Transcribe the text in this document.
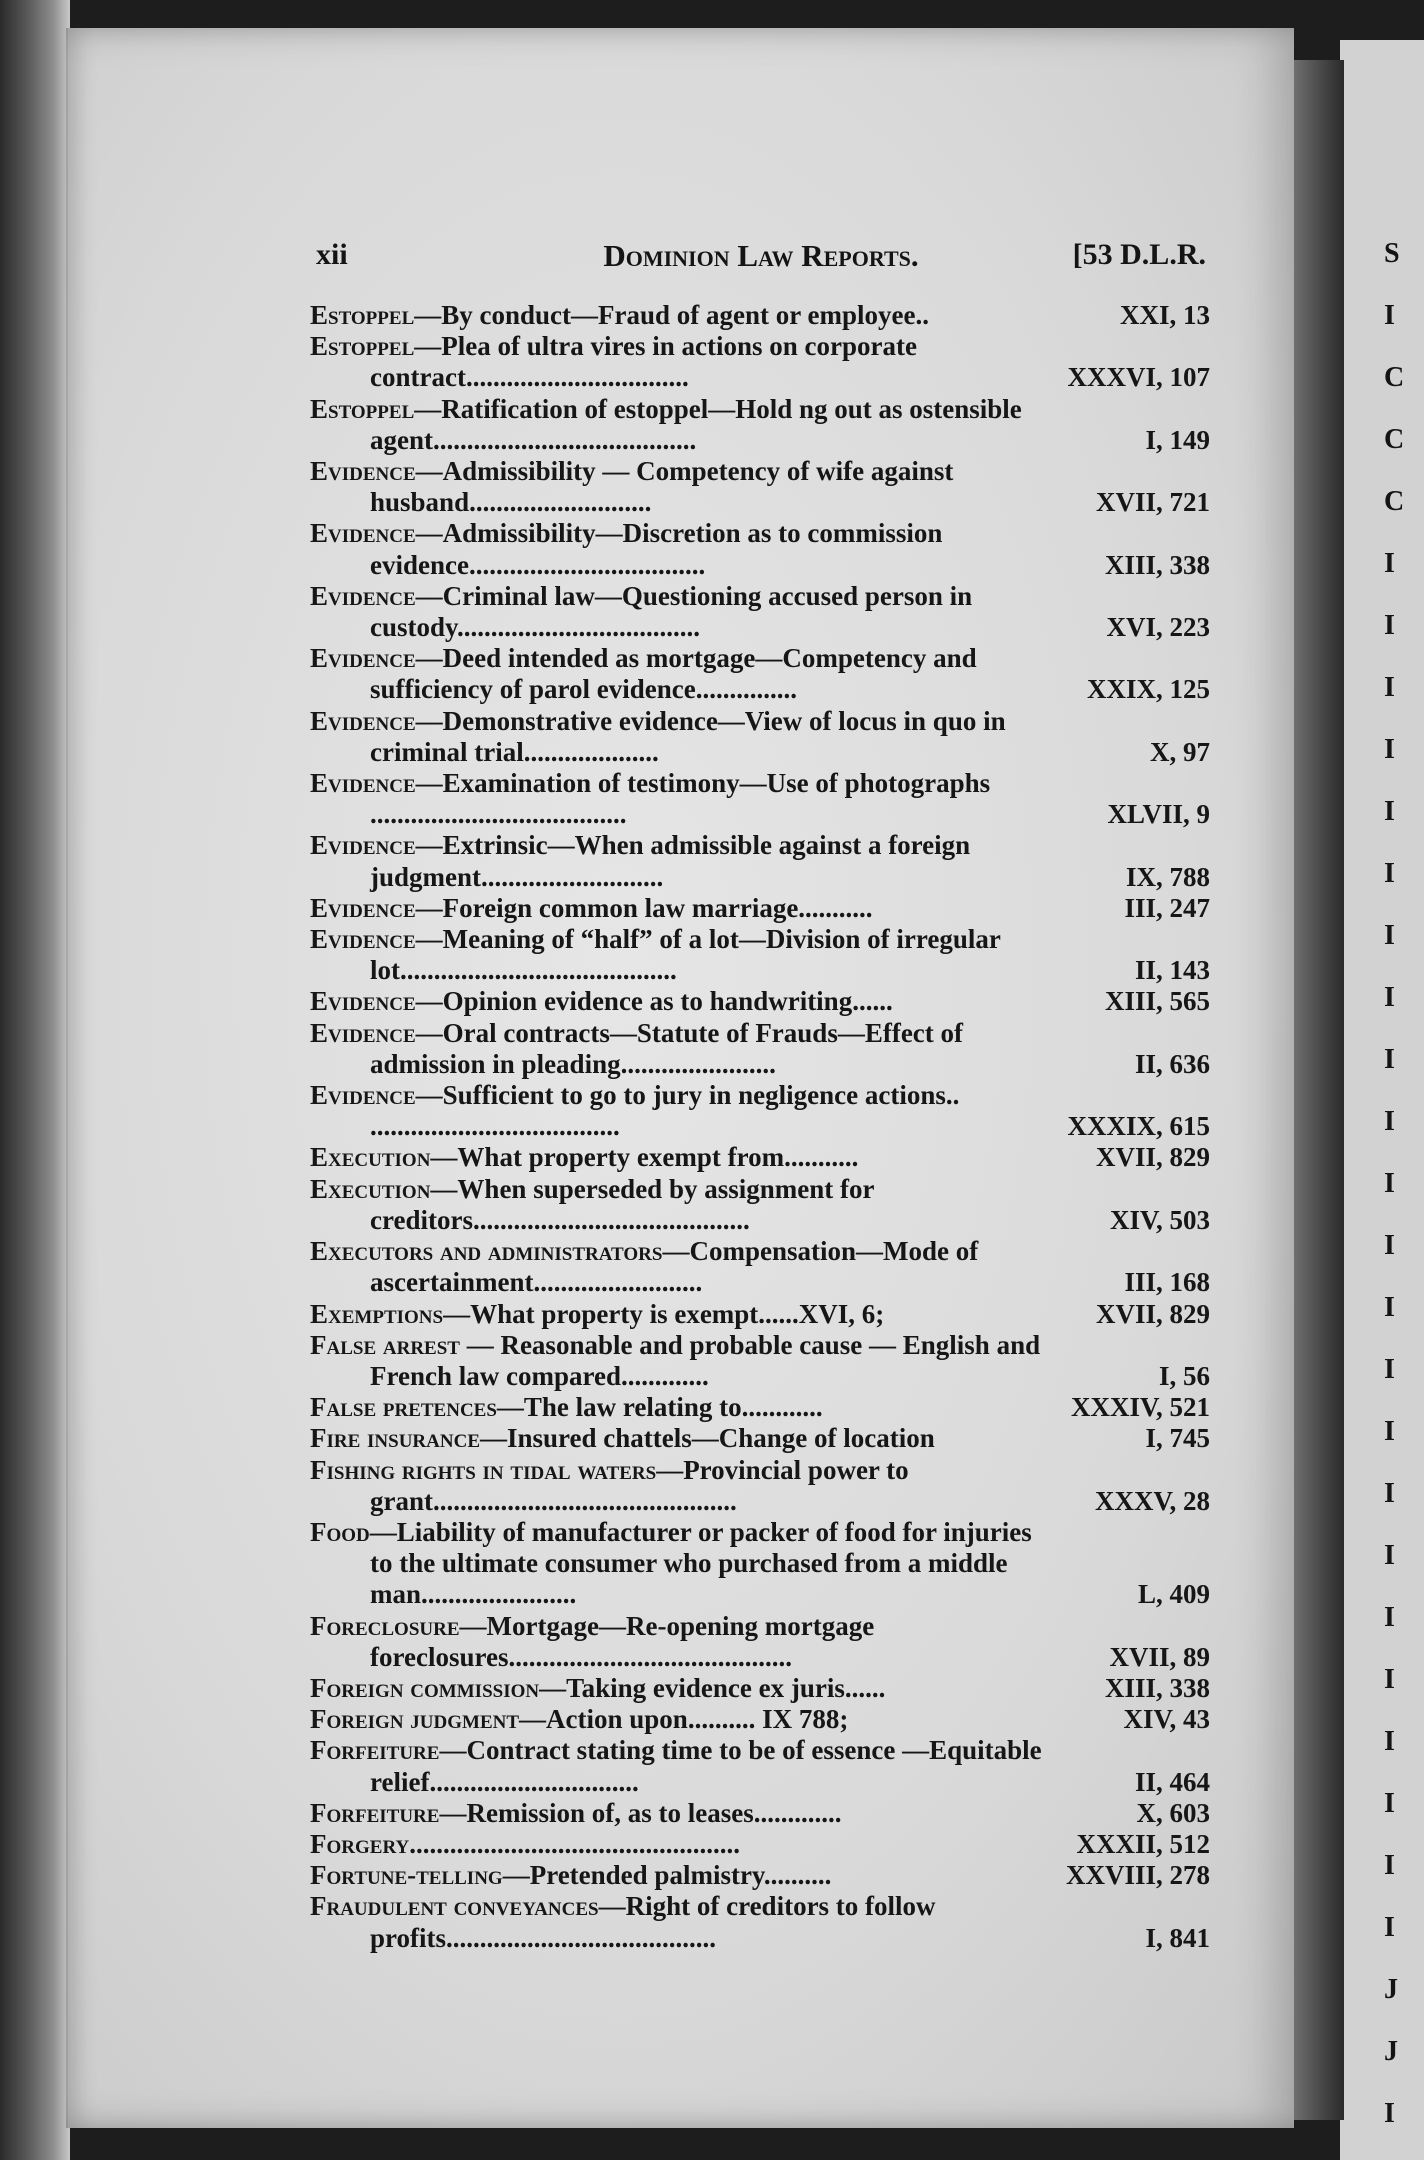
S
I
C
C
C
I
I
I
I
I
I
I
I
I
I
I
I
I
I
I
I
I
I
I
I
I
I
I
J
J
I
xii	Dominion Law Reports.	[53 D.L.R.
Estoppel—By conduct—Fraud of agent or employee..	XXI, 13
Estoppel—Plea of ultra vires in actions on corporate contract.................................	XXXVI, 107
Estoppel—Ratification of estoppel—Hold ng out as ostensible agent.......................................	I, 149
Evidence—Admissibility — Competency of wife against husband...........................	XVII, 721
Evidence—Admissibility—Discretion as to commission evidence...................................	XIII, 338
Evidence—Criminal law—Questioning accused person in custody....................................	XVI, 223
Evidence—Deed intended as mortgage—Competency and sufficiency of parol evidence...............	XXIX, 125
Evidence—Demonstrative evidence—View of locus in quo in criminal trial....................	X, 97
Evidence—Examination of testimony—Use of photographs ......................................	XLVII, 9
Evidence—Extrinsic—When admissible against a foreign judgment...........................	IX, 788
Evidence—Foreign common law marriage...........	III, 247
Evidence—Meaning of “half” of a lot—Division of irregular lot.........................................	II, 143
Evidence—Opinion evidence as to handwriting......	XIII, 565
Evidence—Oral contracts—Statute of Frauds—Effect of admission in pleading.......................	II, 636
Evidence—Sufficient to go to jury in negligence actions.. .....................................	XXXIX, 615
Execution—What property exempt from...........	XVII, 829
Execution—When superseded by assignment for creditors.........................................	XIV, 503
Executors and administrators—Compensation—Mode of ascertainment.........................	III, 168
Exemptions—What property is exempt......XVI, 6;	XVII, 829
False arrest — Reasonable and probable cause — English and French law compared.............	I, 56
False pretences—The law relating to............	XXXIV, 521
Fire insurance—Insured chattels—Change of location	I, 745
Fishing rights in tidal waters—Provincial power to grant.............................................	XXXV, 28
Food—Liability of manufacturer or packer of food for injuries to the ultimate consumer who purchased from a middle man.......................	L, 409
Foreclosure—Mortgage—Re-opening mortgage foreclosures..........................................	XVII, 89
Foreign commission—Taking evidence ex juris......	XIII, 338
Foreign judgment—Action upon.......... IX 788;	XIV, 43
Forfeiture—Contract stating time to be of essence —Equitable relief...............................	II, 464
Forfeiture—Remission of, as to leases.............	X, 603
Forgery.................................................	XXXII, 512
Fortune-telling—Pretended palmistry..........	XXVIII, 278
Fraudulent conveyances—Right of creditors to follow profits........................................	I, 841
